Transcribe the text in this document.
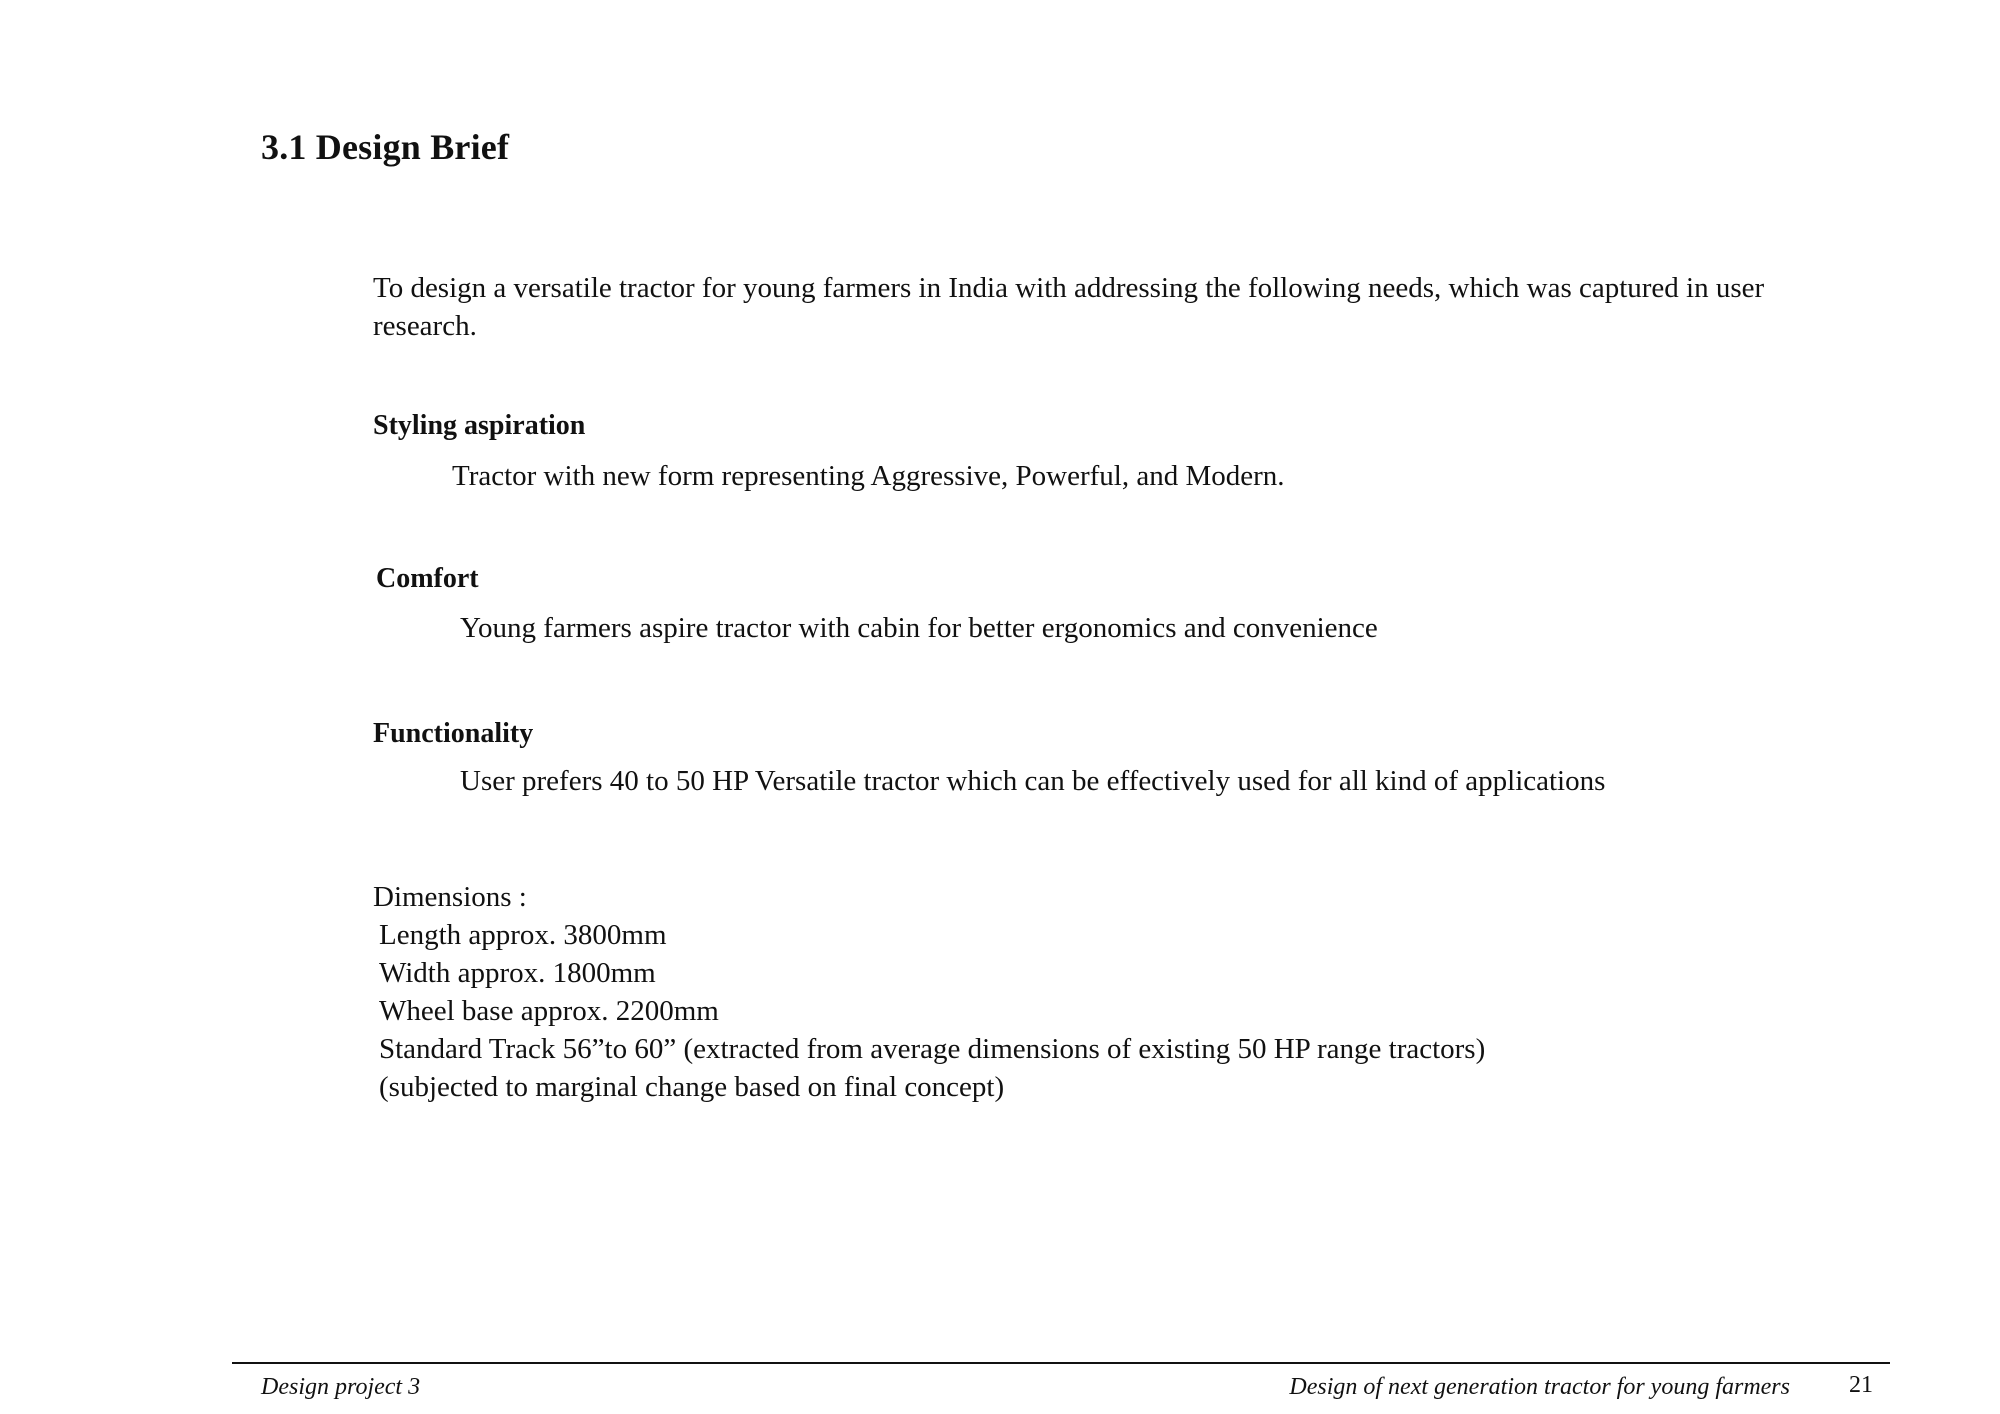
3.1 Design Brief
To design a versatile tractor for young farmers in India with addressing the following needs, which was captured in user research.
Styling aspiration
Tractor with new form representing Aggressive, Powerful, and Modern.
Comfort
Young farmers aspire tractor with cabin for better ergonomics and convenience
Functionality
User prefers 40 to 50 HP Versatile tractor which can be effectively used for all kind of applications
Dimensions :
Length approx. 3800mm
Width approx. 1800mm
Wheel base approx. 2200mm
Standard Track 56”to 60” (extracted from average dimensions of existing 50 HP range tractors)
(subjected to marginal change based on final concept)
Design project 3	Design of next generation tractor for young farmers 21
